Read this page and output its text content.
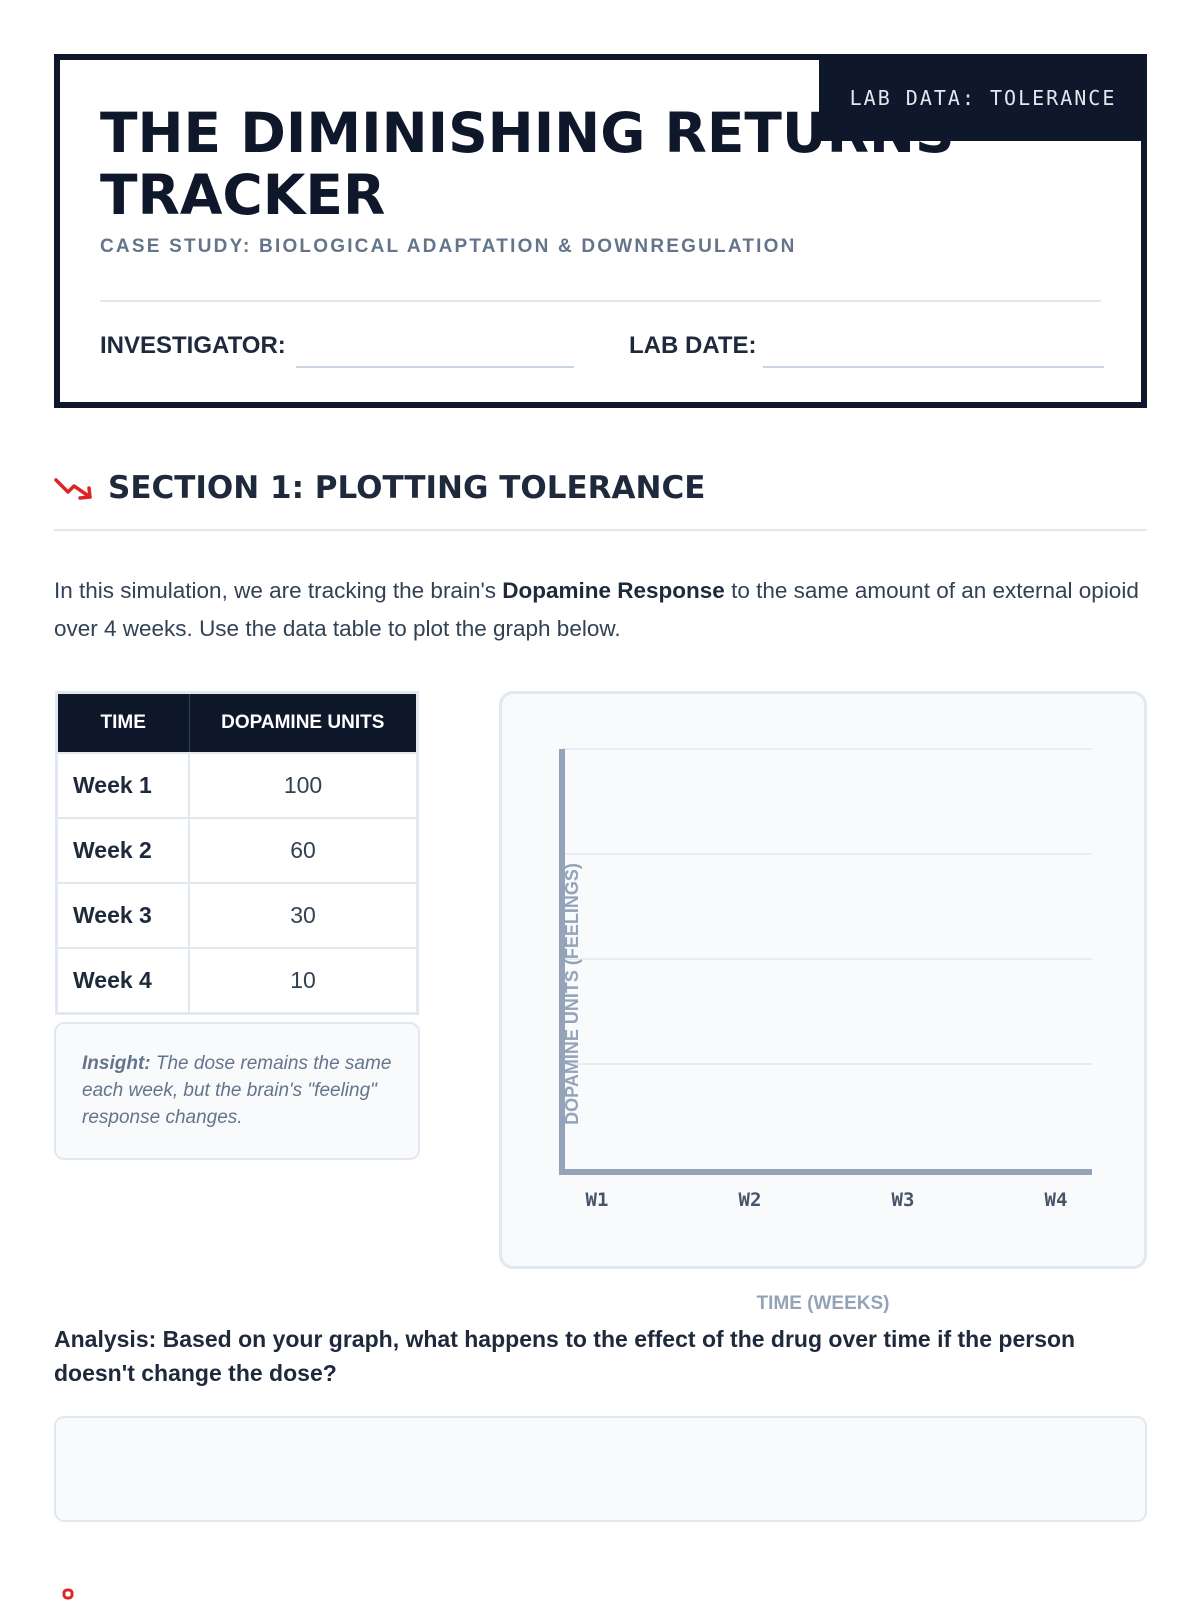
LAB DATA: TOLERANCE
THE DIMINISHING RETURNS
TRACKER
CASE STUDY: BIOLOGICAL ADAPTATION & DOWNREGULATION
INVESTIGATOR:	LAB DATE:
SECTION 1: PLOTTING TOLERANCE

In this simulation, we are tracking the brain's Dopamine Response to the same amount of an external opioid over 4 weeks. Use the data table to plot the graph below.

TIME	DOPAMINE UNITS
Week 1	100
Week 2	60
Week 3	30
Week 4	10
Insight: The dose remains the same each week, but the brain's "feeling" response changes.	DOPAMINE UNITS (FEELINGS)
W1	W2	W3	W4
TIME (WEEKS)
Analysis: Based on your graph, what happens to the effect of the drug over time if the person doesn't change the dose?
